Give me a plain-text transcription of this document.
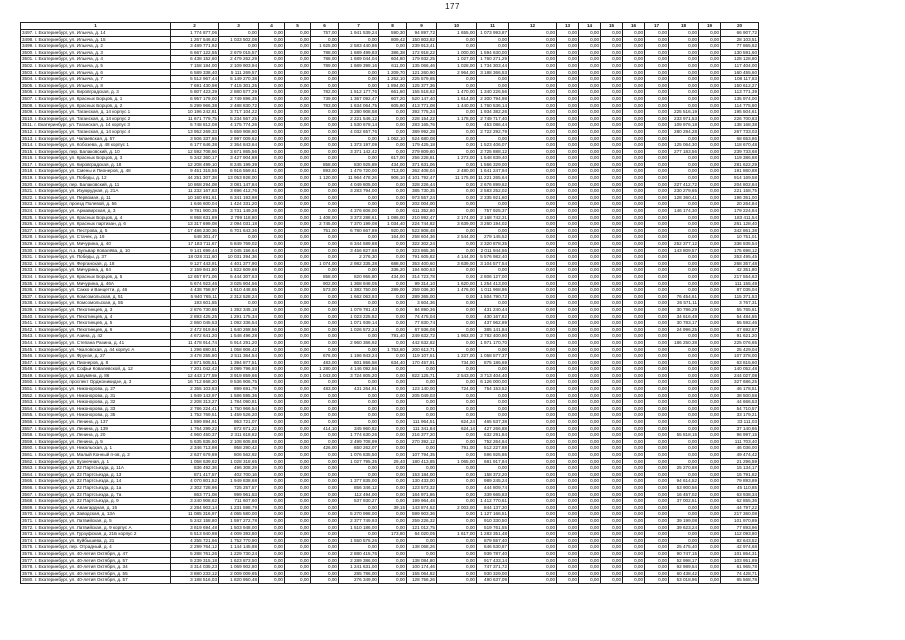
177
1	2	3	4	5	6	7	8	9	10	11	12	13	14	15	16	17	18	19	20
3497. г. Екатеринбург, ул. Ильича, д. 14	1 774 877,06	0,00	0,00	0,00	757,00	1 941 539,24	590,30	94 897,72	1 655,00	1 073 993,87	0,00	0,00	0,00	0,00	0,00	0,00	0,00	0,00	66 907,72
3498. г. Екатеринбург, ул. Ильича, д. 15	1 267 546,62	1 033 502,08	0,00	0,00	0,00	0,00	809,42	150 803,82	0,00	0,00	0,00	0,00	0,00	0,00	0,00	0,00	0,00	0,00	28 103,51
3499. г. Екатеринбург, ул. Ильича, д. 2	3 489 771,92	0,00	0,00	0,00	1 625,00	2 583 440,86	0,00	239 913,41	0,00	0,00	0,00	0,00	0,00	0,00	0,00	0,00	0,00	0,00	77 865,62
3500. г. Екатеринбург, ул. Ильича, д. 3	6 667 122,55	2 679 015,57	0,00	0,00	788,00	1 689 499,83	386,38	172 918,22	1 000,00	1 594 630,00	0,00	0,00	0,00	0,00	0,00	0,00	0,00	0,00	130 591,60
3501. г. Екатеринбург, ул. Ильича, д. 4	6 438 152,60	2 479 262,29	0,00	0,00	788,00	1 689 044,04	604,80	179 932,25	1 027,00	1 760 271,29	0,00	0,00	0,00	0,00	0,00	0,00	0,00	0,00	128 128,80
3502. г. Екатеринбург, ул. Ильича, д. 5	7 158 184,00	2 109 903,94	0,00	0,00	789,00	1 689 399,16	611,00	135 066,46	1 028,00	1 734 303,44	0,00	0,00	0,00	0,00	0,00	0,00	0,00	0,00	117 404,00
3503. г. Екатеринбург, ул. Ильича, д. 6	6 589 338,40	5 111 269,57	0,00	0,00	0,00	0,00	1 209,70	121 260,90	2 964,00	3 188 366,53	0,00	0,00	0,00	0,00	0,00	0,00	0,00	0,00	160 455,60
3504. г. Екатеринбург, ул. Ильича, д. 7	5 512 967,44	5 149 270,38	0,00	0,00	0,00	0,00	1 262,10	225 579,65	0,00	0,00	0,00	0,00	0,00	0,00	0,00	0,00	0,00	0,00	108 117,83
3505. г. Екатеринбург, ул. Ильича, д. 8	7 691 430,98	7 415 301,25	0,00	0,00	0,00	0,00	1 894,00	125 377,36	0,00	0,00	0,00	0,00	0,00	0,00	0,00	0,00	0,00	0,00	150 612,27
3506. г. Екатеринбург, ул. Кировградская, д. 3	5 807 423,39	2 880 577,29	0,00	0,00	782,00	1 512 177,76	661,60	155 518,62	1 470,00	1 340 226,56	0,00	0,00	0,00	0,00	0,00	0,00	0,00	0,00	113 771,39
3507. г. Екатеринбург, ул. Красных Борцов, д. 1	6 957 179,00	2 749 896,35	0,00	0,00	739,00	1 367 092,47	607,20	520 147,40	1 614,00	2 300 794,98	0,00	0,00	0,00	0,00	0,00	0,00	0,00	0,00	135 974,00
3508. г. Екатеринбург, ул. Красных Борцов, д. 2	5 299 966,38	2 488 830,72	0,00	0,00	783,00	1 634 064,75	605,90	413 771,08	1 440,00	1 760 536,14	0,00	0,00	0,00	0,00	0,00	0,00	0,00	0,00	114 775,80
3509. г. Екатеринбург, ул. Таганская, д. 14 корпус 1	10 196 242,81	3 717 104,22	0,00	0,00	0,00	3 280 908,58	0,00	392 775,24	0,00	1 934 382,26	0,00	0,00	0,00	0,00	0,00	0,00	225 516,19	0,00	195 504,61
3510. г. Екатеринбург, ул. Таганская, д. 14 корпус 2	11 671 779,75	5 234 567,25	0,00	0,00	0,00	2 221 546,12	0,00	228 154,22	1 178,00	2 749 717,40	0,00	0,00	0,00	0,00	0,00	0,00	233 971,53	0,00	226 700,83
3511. г. Екатеринбург, ул. Таганская, д. 14 корпус 3	5 748 812,08	4 175 774,26	0,00	0,00	0,00	1 530 678,14	0,00	283 165,76	0,00	453 086,44	0,00	0,00	0,00	0,00	0,00	0,00	109 976,18	0,00	138 168,38
3512. г. Екатеринбург, ул. Таганская, д. 14 корпус 4	13 952 269,33	5 659 908,80	0,00	0,00	0,00	4 032 657,76	0,00	389 992,28	0,00	2 722 292,79	0,00	0,00	0,00	0,00	0,00	0,00	280 294,28	0,00	267 733,03
3513. г. Екатеринбург, ул. Чапаевская, д. 57	3 506 337,86	2 997 009,62	0,00	0,00	0,00	0,00	1 062,10	524 680,08	0,00	0,00	0,00	0,00	0,00	0,00	0,00	0,00	0,00	0,00	68 653,86
3514. г. Екатеринбург, ул. Кобозева, д. 48 корпус 1	6 177 646,38	2 364 843,64	0,00	0,00	0,00	1 373 197,09	0,00	179 425,18	0,00	1 523 406,07	0,00	0,00	0,00	0,00	0,00	0,00	125 064,30	0,00	118 670,48
3515. г. Екатеринбург, пер. Балаковский, д. 10	12 592 708,66	3 671 865,56	0,00	0,00	0,00	3 371 142,42	0,00	279 809,60	0,00	2 725 888,12	0,00	0,00	0,00	0,00	0,00	0,00	277 183,56	0,00	239 733,68
3516. г. Екатеринбург, ул. Красных Борцов, д. 3	5 342 360,17	3 427 904,88	0,00	0,00	0,00	0,00	617,00	256 228,81	1 273,00	1 548 839,40	0,00	0,00	0,00	0,00	0,00	0,00	0,00	0,00	119 386,88
3517. г. Екатеринбург, ул. Кировградская, д. 18	12 208 499,10	8 245 199,39	0,00	0,00	858,00	830 925,89	434,00	371 631,06	0,00	1 566 329,00	0,00	0,00	0,00	0,00	0,00	0,00	0,00	0,00	281 622,29
3518. г. Екатеринбург, ул. Смены и Пионеров, д. 48	9 451 315,55	6 916 559,61	0,00	0,00	893,00	1 479 720,00	713,00	362 408,04	2 480,00	1 641 247,94	0,00	0,00	0,00	0,00	0,00	0,00	0,00	0,00	191 860,88
3519. г. Екатеринбург, ул. Победы, д. 12	44 251 307,38	13 053 928,00	0,00	0,00	1 120,00	11 964 478,26	906,10	4 101 792,47	11 175,00	11 221 265,64	0,00	0,00	0,00	0,00	0,00	0,00	0,00	0,00	914 169,58
3520. г. Екатеринбург, пер. Балаковский, д. 11	10 868 294,08	3 081 147,84	0,00	0,00	0,00	4 049 805,00	0,00	328 226,44	0,00	2 676 899,62	0,00	0,00	0,00	0,00	0,00	0,00	227 412,72	0,00	204 802,84
3521. г. Екатеринбург, ул. Изумрудная, д. 21А	11 232 167,63	3 696 412,76	0,00	0,00	0,00	3 283 794,00	0,00	385 730,35	0,00	2 583 252,02	0,00	0,00	0,00	0,00	0,00	0,00	230 279,65	0,00	221 158,75
3522. г. Екатеринбург, ул. Первомая, д. 11	10 160 691,61	6 341 193,98	0,00	0,00	0,00	0,00	0,00	973 557,24	0,00	2 335 921,60	0,00	0,00	0,00	0,00	0,00	0,00	128 360,41	0,00	196 351,00
3523. г. Екатеринбург, проезд Полевой, д. 56	1 646 600,04	1 424 331,20	0,00	0,00	0,00	0,00	0,00	202 004,00	0,00	0,00	0,00	0,00	0,00	0,00	0,00	0,00	0,00	0,00	20 264,84
3524. г. Екатеринбург, ул. Армавирская, д. 3	9 781 900,35	3 731 149,28	0,00	0,00	0,00	4 376 606,00	0,00	611 352,80	0,00	757 925,37	0,00	0,00	0,00	0,00	0,00	0,00	146 174,30	0,00	179 224,84
3525. г. Екатеринбург, ул. Красных Борцов, д. 4	8 958 631,89	2 799 118,80	0,00	0,00	1 408,00	3 373 288,61	1 086,00	210 992,47	2 174,00	2 168 742,31	0,00	0,00	0,00	0,00	0,00	0,00	0,00	0,00	183 411,54
3526. г. Екатеринбург, ул. Красных партизан, д. 6	13 317 699,08	2 094 031,18	0,00	0,00	2 745,00	7 370 199,08	1 034,40	224 744,82	3 639,00	3 260 194,02	0,00	0,00	0,00	0,00	0,00	0,00	0,00	0,00	261 128,40
3527. г. Екатеринбург, ул. Пестрова, д. 5	17 486 230,36	6 701 643,36	0,00	0,00	751,00	6 780 667,89	920,00	522 808,48	0,00	0,00	0,00	0,00	0,00	0,00	0,00	0,00	0,00	0,00	342 861,38
3528. г. Екатеринбург, ул. Стачек, д. 19	548 301,47	0,00	0,00	0,00	0,00	0,00	164,00	258 604,36	2 544,00	279 145,52	0,00	0,00	0,00	0,00	0,00	0,00	0,00	0,00	10 751,01
3529. г. Екатеринбург, ул. Мичурина, д. 40	17 183 711,67	5 849 769,02	0,00	0,00	0,00	6 344 589,88	0,00	322 302,24	0,00	2 320 878,35	0,00	0,00	0,00	0,00	0,00	0,00	252 377,12	0,00	336 935,54
3530. г. Екатеринбург, п.з. Бульвар Ковалёва, д. 10	9 141 699,44	3 045 156,64	0,00	0,00	0,00	3 456 827,68	0,00	323 865,36	0,00	2 011 944,56	0,00	0,00	0,00	0,00	0,00	0,00	143 809,57	0,00	175 698,12
3531. г. Екатеринбург, ул. Победы, д. 37	18 028 311,60	10 031 394,36	0,00	0,00	0,00	2 276,30	0,00	791 605,82	4 144,00	5 576 982,40	0,00	0,00	0,00	0,00	0,00	0,00	0,00	0,00	353 495,45
3532. г. Екатеринбург, ул. Ферганская, д. 18	9 127 443,91	4 401 377,90	0,00	0,00	1 074,00	2 982 335,38	688,00	353 400,60	3 639,00	3 104 577,54	0,00	0,00	0,00	0,00	0,00	0,00	0,00	0,00	268 357,48
3533. г. Екатеринбург, ул. Мичурина, д. 64	2 159 941,80	1 822 609,68	0,00	0,00	0,00	0,00	336,20	194 600,53	0,00	0,00	0,00	0,00	0,00	0,00	0,00	0,00	0,00	0,00	42 351,80
3534. г. Екатеринбург, ул. Красных Борцов, д. 5	12 657 971,06	5 444 307,63	0,00	0,00	858,00	820 955,80	434,00	314 723,78	0,00	2 806 127,00	0,00	0,00	0,00	0,00	0,00	0,00	0,00	0,00	217 554,63
3535. г. Екатеринбург, ул. Мичурина, д. 46А	5 674 923,46	3 025 904,56	0,00	0,00	902,00	1 368 948,05	0,00	99 314,10	1 620,00	1 254 413,00	0,00	0,00	0,00	0,00	0,00	0,00	0,00	0,00	111 155,49
3536. г. Екатеринбург, ул. Сакко и Ванцетти, д. 46	4 438 758,97	1 610 448,65	0,00	0,00	573,00	1 382 750,00	289,00	259 036,30	1 476,00	1 011 968,86	0,00	0,00	0,00	0,00	0,00	0,00	0,00	0,00	87 035,04
3537. г. Екатеринбург, ул. Комсомольская, д. 51	5 940 765,11	2 312 528,24	0,00	0,00	0,00	1 662 063,93	0,00	289 365,00	0,00	1 504 790,72	0,00	0,00	0,00	0,00	0,00	0,00	76 454,61	0,00	115 371,53
3538. г. Екатеринбург, ул. Комсомольская, д. 55	193 601,55	0,00	0,00	0,00	0,00	0,00	0,00	3 604,36	0,00	0,00	0,00	0,00	0,00	0,00	0,00	0,00	26 571,11	0,00	3 767,31
3539. г. Екатеринбург, ул. Пехотинцев, д. 3	2 876 730,86	1 392 345,18	0,00	0,00	0,00	1 079 781,43	0,00	84 890,36	0,00	431 240,44	0,00	0,00	0,00	0,00	0,00	0,00	30 786,29	0,00	55 765,61
3540. г. Екатеринбург, ул. Пехотинцев, д. 4	2 893 425,25	1 291 175,34	0,00	0,00	0,00	1 023 225,82	0,00	74 475,04	0,00	430 167,82	0,00	0,00	0,00	0,00	0,00	0,00	34 616,49	0,00	54 484,85
3541. г. Екатеринбург, ул. Пехотинцев, д. 5	2 860 045,53	1 092 336,54	0,00	0,00	0,00	1 071 939,14	0,00	77 830,74	0,00	437 962,89	0,00	0,00	0,00	0,00	0,00	0,00	30 783,17	0,00	55 592,46
3542. г. Екатеринбург, ул. Пехотинцев, д. 6	2 472 919,94	1 640 268,56	0,00	0,00	0,00	1 026 572,24	0,00	67 936,08	0,00	385 141,84	0,00	0,00	0,00	0,00	0,00	0,00	24 996,25	0,00	47 692,67
3543. г. Екатеринбург, ул. Азина, д. 42	4 672 641,20	1 548 496,28	0,00	0,00	0,00	0,00	791,40	249 632,72	1 963,00	2 782 400,90	0,00	0,00	0,00	0,00	0,00	0,00	0,00	0,00	91 621,20
3544. г. Екатеринбург, ул. Степана Разина, д. 41	11 478 914,74	5 914 291,20	0,00	0,00	0,00	2 960 366,92	0,00	442 632,82	0,00	1 971 170,70	0,00	0,00	0,00	0,00	0,00	0,00	186 250,38	0,00	225 076,65
3545. г. Екатеринбург, ул. Чкаловская, д. 44 корпус А	1 296 880,81	1 058 906,42	0,00	0,00	0,00	0,00	1 753,60	200 613,71	0,00	0,00	0,00	0,00	0,00	0,00	0,00	0,00	0,00	0,00	25 429,04
3546. г. Екатеринбург, ул. Фрунзе, д. 27	3 478 255,80	2 511 364,54	0,00	0,00	676,00	1 196 943,24	0,00	119 107,51	1 227,00	1 058 577,37	0,00	0,00	0,00	0,00	0,00	0,00	0,00	0,00	107 378,00
3547. г. Екатеринбург, ул. Пионеров, д. 8	2 871 505,51	1 394 877,51	0,00	0,00	483,00	601 866,58	634,40	170 457,91	734,00	875 186,69	0,00	0,00	0,00	0,00	0,00	0,00	0,00	0,00	63 815,60
3548. г. Екатеринбург, ул. Софьи Ковалевской, д. 12	7 201 042,42	3 099 796,93	0,00	0,00	1 280,00	4 146 092,56	0,00	0,00	0,00	0,00	0,00	0,00	0,00	0,00	0,00	0,00	0,00	0,00	140 052,48
3549. г. Екатеринбург, ул. Шаумяна, д. 86	12 443 177,59	3 919 859,66	0,00	0,00	1 043,00	3 724 805,20	0,00	822 125,71	2 543,00	3 713 404,40	0,00	0,00	0,00	0,00	0,00	0,00	0,00	0,00	244 027,08
3550. г. Екатеринбург, проспект Орджоникидзе, д. 3	16 712 668,20	9 536 906,75	0,00	0,00	0,00	0,00	0,00	0,00	0,00	6 126 000,00	0,00	0,00	0,00	0,00	0,00	0,00	0,00	0,00	327 686,25
3551. г. Екатеринбург, ул. Никонорова, д. 27	2 355 103,83	899 691,79	0,00	0,00	483,00	431 264,91	0,00	123 140,00	724,00	754 153,52	0,00	0,00	0,00	0,00	0,00	0,00	0,00	0,00	46 178,51
3552. г. Екатеринбург, ул. Никонорова, д. 31	1 949 143,97	1 586 595,36	0,00	0,00	0,00	0,00	0,00	205 049,03	0,00	0,00	0,00	0,00	0,00	0,00	0,00	0,00	0,00	0,00	38 500,58
3553. г. Екатеринбург, ул. Никонорова, д. 32	2 208 313,27	1 784 090,81	0,00	0,00	0,00	0,00	0,00	0,00	0,00	0,00	0,00	0,00	0,00	0,00	0,00	0,00	0,00	0,00	44 666,53
3554. г. Екатеринбург, ул. Никонорова, д. 33	2 786 224,41	1 750 966,54	0,00	0,00	0,00	0,00	0,00	0,00	0,00	0,00	0,00	0,00	0,00	0,00	0,00	0,00	0,00	0,00	54 710,57
3555. г. Екатеринбург, ул. Никонорова, д. 35	1 752 769,51	1 459 526,20	0,00	0,00	0,00	0,00	0,00	0,00	0,00	0,00	0,00	0,00	0,00	0,00	0,00	0,00	0,00	0,00	33 179,21
3556. г. Екатеринбург, ул. Ленина, д. 137	1 599 894,91	953 721,07	0,00	0,00	0,00	0,00	0,00	111 964,51	624,24	465 537,38	0,00	0,00	0,00	0,00	0,00	0,00	0,00	0,00	33 111,03
3557. г. Екатеринбург, ул. Ленина, д. 139	1 764 299,22	872 871,22	0,00	0,00	414,10	345 960,82	0,00	111 341,84	624,14	427 266,88	0,00	0,00	0,00	0,00	0,00	0,00	0,00	0,00	37 140,86
3558. г. Екатеринбург, ул. Ленина, д. 20	4 960 450,37	2 311 618,82	0,00	0,00	0,00	1 774 630,26	0,00	216 377,20	0,00	632 291,84	0,00	0,00	0,00	0,00	0,00	0,00	55 818,15	0,00	96 997,15
3559. г. Екатеринбург, ул. Ленина, д. 5	5 635 835,60	2 108 605,88	0,00	0,00	0,00	2 499 708,99	0,00	270 392,12	0,00	752 264,64	0,00	0,00	0,00	0,00	0,00	0,00	0,00	0,00	111 703,40
3560. г. Екатеринбург, ул. Никольская, д. 1	2 346 713,98	958 290,42	0,00	0,00	426,00	650 262,07	0,00	0,00	791,00	512 227,88	0,00	0,00	0,00	0,00	0,00	0,00	0,00	0,00	46 036,00
3561. г. Екатеринбург, ул. Малый Конный п-ов, д. 2	2 637 679,89	806 562,92	0,00	0,00	0,00	1 076 835,50	0,00	107 794,35	0,00	596 925,86	0,00	0,00	0,00	0,00	0,00	0,00	0,00	0,00	49 474,42
3562. г. Екатеринбург, ул. Кузнечная, д. 1	1 058 639,82	1 028 318,65	0,00	0,00	0,00	1 027 795,35	29,40	180 413,85	1 065,00	681 917,84	0,00	0,00	0,00	0,00	0,00	0,00	0,00	0,00	21 296,59
3563. г. Екатеринбург, ул. 22 Партсъезда, д. 11А	836 492,36	496 308,29	0,00	0,00	0,00	0,00	0,00	0,00	0,00	0,00	0,00	0,00	0,00	0,00	0,00	0,00	25 270,88	0,00	15 134,17
3564. г. Екатеринбург, ул. 22 Партсъезда, д. 13	871 417,57	402 700,16	0,00	0,00	0,00	0,00	0,00	153 184,00	0,00	158 372,20	0,00	0,00	0,00	0,00	0,00	0,00	0,00	0,00	15 791,82
3565. г. Екатеринбург, ул. 22 Партсъезда, д. 14	4 070 801,52	1 949 838,68	0,00	0,00	0,00	1 377 835,00	0,00	130 433,00	0,00	989 245,24	0,00	0,00	0,00	0,00	0,00	0,00	94 614,52	0,00	79 893,89
3566. г. Екатеринбург, ул. 22 Партсъезда, д. 1а	2 302 728,96	725 257,57	0,00	0,00	0,00	856 346,12	0,00	123 573,32	0,00	444 809,74	0,00	0,00	0,00	0,00	0,00	0,00	53 900,56	0,00	45 110,85
3567. г. Екатеринбург, ул. 22 Партсъезда, д. 7а	863 771,08	999 961,53	0,00	0,00	0,00	112 494,00	0,00	164 971,86	0,00	339 665,83	0,00	0,00	0,00	0,00	0,00	0,00	16 457,02	0,00	63 938,34
3568. г. Екатеринбург, ул. 22 Партсъезда, д. 9	3 240 908,62	711 607,60	0,00	0,00	0,00	537 930,27	0,00	199 964,48	0,00	1 412 770,61	0,00	0,00	0,00	0,00	0,00	0,00	37 002,51	0,00	62 855,36
3569. г. Екатеринбург, ул. Авангардная, д. 15	2 284 903,14	1 231 598,79	0,00	0,00	0,00	0,00	39,15	143 874,62	2 003,00	844 137,30	0,00	0,00	0,00	0,00	0,00	0,00	0,00	0,00	44 797,22
3570. г. Екатеринбург, ул. Заводская, д. 13А	11 085 316,97	4 065 580,00	0,00	0,00	0,00	5 270 998,00	0,00	599 903,36	0,00	1 127 166,51	0,00	0,00	0,00	0,00	0,00	0,00	0,00	0,00	217 360,08
3571. г. Екатеринбург, ул. Латвийская, д. 5	5 242 158,80	1 597 272,78	0,00	0,00	0,00	2 377 749,93	0,00	259 226,32	0,00	910 330,50	0,00	0,00	0,00	0,00	0,00	0,00	39 199,08	0,00	101 970,89
3572. г. Екатеринбург, ул. Латвийская, д. 9 корпус А	3 819 694,48	1 503 948,00	0,00	0,00	0,00	1 510 186,00	0,00	121 012,75	0,00	519 761,55	0,00	0,00	0,00	0,00	0,00	0,00	39 623,24	0,00	77 893,96
3573. г. Екатеринбург, ул. Гурзуфская, д. 21Б корпус 2	5 513 940,98	4 009 393,80	0,00	0,00	0,00	0,00	173,80	64 020,05	1 617,00	1 283 351,48	0,00	0,00	0,00	0,00	0,00	0,00	0,00	0,00	112 093,80
3574. г. Екатеринбург, ул. Куйбышева, д. 21	4 255 721,66	1 752 770,90	0,00	0,00	0,00	1 550 576,26	0,00	0,00	0,00	879 557,40	0,00	0,00	0,00	0,00	0,00	0,00	0,00	0,00	82 643,52
3575. г. Екатеринбург, пер. Отрадный, д. 4	2 299 764,12	1 144 145,88	0,00	0,00	0,00	0,00	0,00	138 068,26	0,00	646 530,87	0,00	0,00	0,00	0,00	0,00	0,00	25 475,40	0,00	42 974,68
3576. г. Екатеринбург, ул. 40-летия Октября, д. 47	5 288 761,26	1 229 730,24	0,00	0,00	0,00	2 880 415,76	0,00	0,00	0,00	939 787,40	0,00	0,00	0,00	0,00	0,00	0,00	90 747,15	0,00	101 864,31
3577. г. Екатеринбург, ул. 40-летия Октября, д. 57	5 239 315,18	1 623 873,50	0,00	0,00	0,00	2 289 386,00	0,00	138 084,80	0,00	917 433,14	0,00	0,00	0,00	0,00	0,00	0,00	52 998,17	0,00	103 951,89
3578. г. Екатеринбург, ул. 40-летия Октября, д. 34	3 314 035,23	1 069 902,80	0,00	0,00	0,00	1 241 631,00	0,00	100 174,46	0,00	747 371,72	0,00	0,00	0,00	0,00	0,00	0,00	92 989,54	0,00	61 965,78
3579. г. Екатеринбург, ул. 40-летия Октября, д. 55	3 880 233,12	2 009 009,85	0,00	0,00	0,00	285 786,00	0,00	155 064,82	0,00	930 329,00	0,00	0,00	0,00	0,00	0,00	0,00	60 438,42	0,00	74 428,71
3580. г. Екатеринбург, ул. 40-летия Октября, д. 57	3 188 516,03	1 820 950,48	0,00	0,00	0,00	276 349,00	0,00	128 756,26	0,00	490 637,09	0,00	0,00	0,00	0,00	0,00	0,00	53 018,96	0,00	65 568,78
